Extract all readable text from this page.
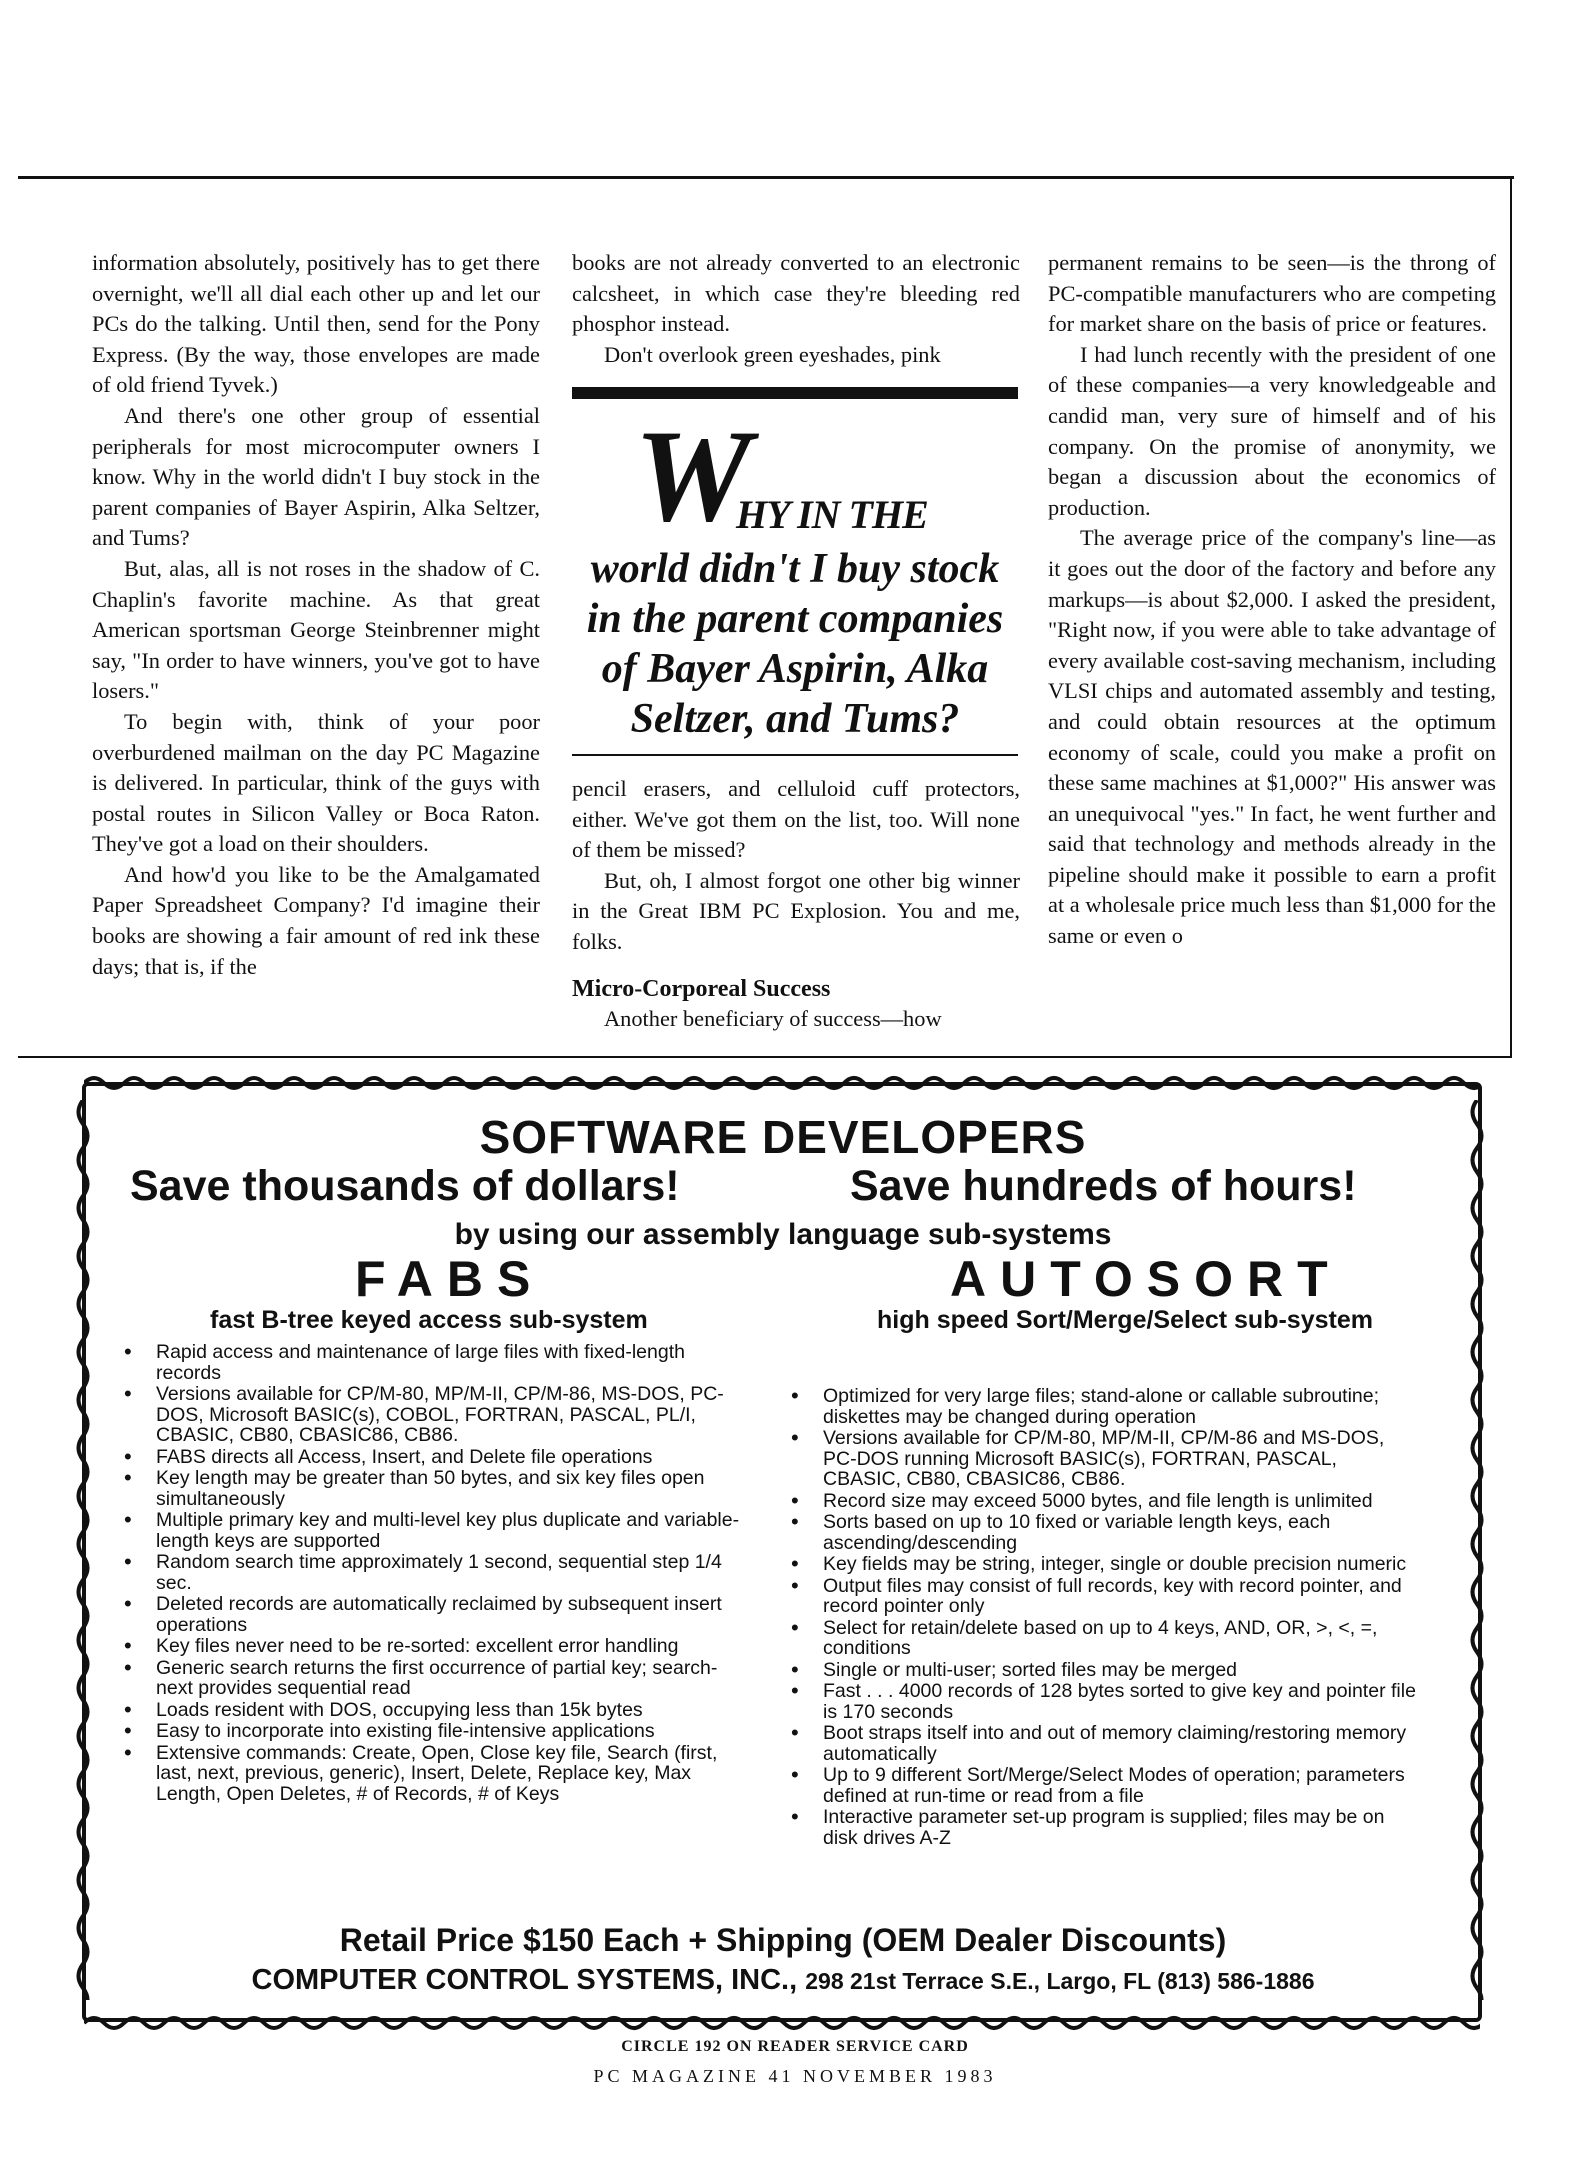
information absolutely, positively has to get there overnight, we'll all dial each other up and let our PCs do the talking. Until then, send for the Pony Express. (By the way, those envelopes are made of old friend Tyvek.)

And there's one other group of essential peripherals for most microcomputer owners I know. Why in the world didn't I buy stock in the parent companies of Bayer Aspirin, Alka Seltzer, and Tums?

But, alas, all is not roses in the shadow of C. Chaplin's favorite machine. As that great American sportsman George Steinbrenner might say, "In order to have winners, you've got to have losers."

To begin with, think of your poor overburdened mailman on the day PC Magazine is delivered. In particular, think of the guys with postal routes in Silicon Valley or Boca Raton. They've got a load on their shoulders.

And how'd you like to be the Amalgamated Paper Spreadsheet Company? I'd imagine their books are showing a fair amount of red ink these days; that is, if the

books are not already converted to an electronic calcsheet, in which case they're bleeding red phosphor instead.

Don't overlook green eyeshades, pink

W
HY IN THE
world didn't I buy stock in the parent companies of Bayer Aspirin, Alka Seltzer, and Tums?

pencil erasers, and celluloid cuff protectors, either. We've got them on the list, too. Will none of them be missed?

But, oh, I almost forgot one other big winner in the Great IBM PC Explosion. You and me, folks.

Micro-Corporeal Success

Another beneficiary of success—how

permanent remains to be seen—is the throng of PC-compatible manufacturers who are competing for market share on the basis of price or features.

I had lunch recently with the president of one of these companies—a very knowledgeable and candid man, very sure of himself and of his company. On the promise of anonymity, we began a discussion about the economics of production.

The average price of the company's line—as it goes out the door of the factory and before any markups—is about $2,000. I asked the president, "Right now, if you were able to take advantage of every available cost-saving mechanism, including VLSI chips and automated assembly and testing, and could obtain resources at the optimum economy of scale, could you make a profit on these same machines at $1,000?" His answer was an unequivocal "yes." In fact, he went further and said that technology and methods already in the pipeline should make it possible to earn a profit at a wholesale price much less than $1,000 for the same or even o

SOFTWARE DEVELOPERS
Save thousands of dollars!	Save hundreds of hours!
by using our assembly language sub-systems
FABS
fast B-tree keyed access sub-system
• Rapid access and maintenance of large files with fixed-length records
• Versions available for CP/M-80, MP/M-II, CP/M-86, MS-DOS, PC-DOS, Microsoft BASIC(s), COBOL, FORTRAN, PASCAL, PL/I, CBASIC, CB80, CBASIC86, CB86.
• FABS directs all Access, Insert, and Delete file operations
• Key length may be greater than 50 bytes, and six key files open simultaneously
• Multiple primary key and multi-level key plus duplicate and variable-length keys are supported
• Random search time approximately 1 second, sequential step 1/4 sec.
• Deleted records are automatically reclaimed by subsequent insert operations
• Key files never need to be re-sorted: excellent error handling
• Generic search returns the first occurrence of partial key; search-next provides sequential read
• Loads resident with DOS, occupying less than 15k bytes
• Easy to incorporate into existing file-intensive applications
• Extensive commands: Create, Open, Close key file, Search (first, last, next, previous, generic), Insert, Delete, Replace key, Max Length, Open Deletes, # of Records, # of Keys
AUTOSORT
high speed Sort/Merge/Select sub-system
• Optimized for very large files; stand-alone or callable subroutine; diskettes may be changed during operation
• Versions available for CP/M-80, MP/M-II, CP/M-86 and MS-DOS, PC-DOS running Microsoft BASIC(s), FORTRAN, PASCAL, CBASIC, CB80, CBASIC86, CB86.
• Record size may exceed 5000 bytes, and file length is unlimited
• Sorts based on up to 10 fixed or variable length keys, each ascending/descending
• Key fields may be string, integer, single or double precision numeric
• Output files may consist of full records, key with record pointer, and record pointer only
• Select for retain/delete based on up to 4 keys, AND, OR, >, <, =, conditions
• Single or multi-user; sorted files may be merged
• Fast . . . 4000 records of 128 bytes sorted to give key and pointer file is 170 seconds
• Boot straps itself into and out of memory claiming/restoring memory automatically
• Up to 9 different Sort/Merge/Select Modes of operation; parameters defined at run-time or read from a file
• Interactive parameter set-up program is supplied; files may be on disk drives A-Z
Retail Price $150 Each + Shipping (OEM Dealer Discounts)
COMPUTER CONTROL SYSTEMS, INC., 298 21st Terrace S.E., Largo, FL (813) 586-1886
CIRCLE 192 ON READER SERVICE CARD
PC MAGAZINE 41 NOVEMBER 1983
